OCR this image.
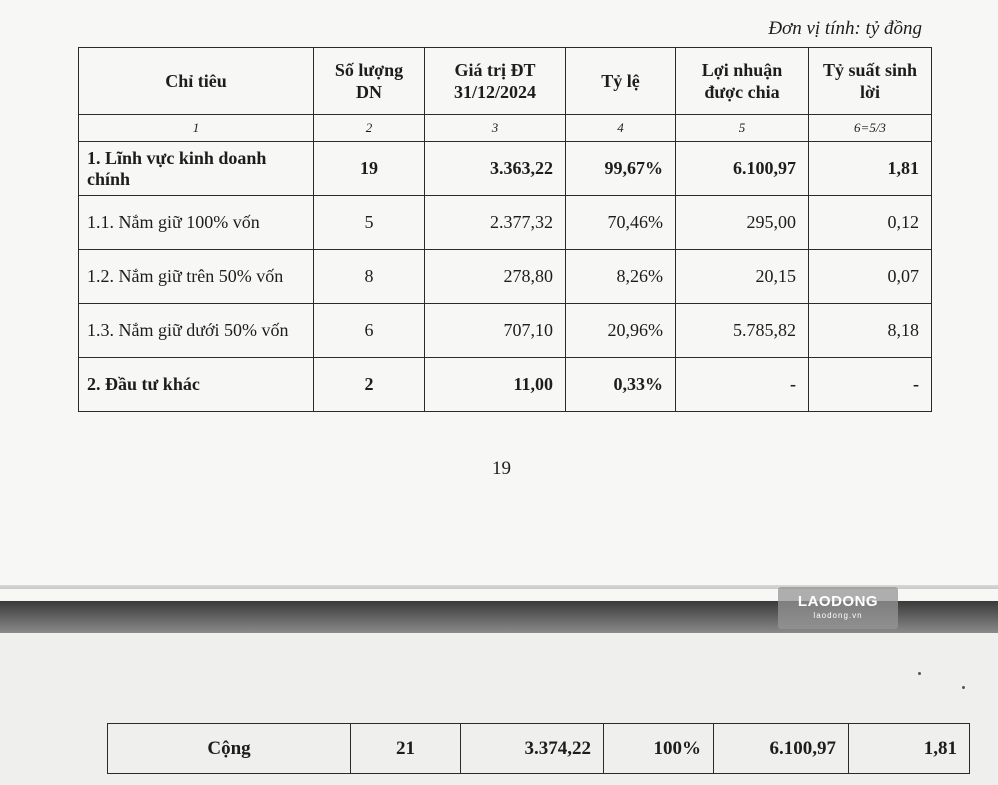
Đơn vị tính: tỷ đồng
Chỉ tiêu	Số lượng DN	Giá trị ĐT 31/12/2024	Tỷ lệ	Lợi nhuận được chia	Tỷ suất sinh lời
1	2	3	4	5	6=5/3
1. Lĩnh vực kinh doanh chính	19	3.363,22	99,67%	6.100,97	1,81
1.1. Nắm giữ 100% vốn	5	2.377,32	70,46%	295,00	0,12
1.2. Nắm giữ trên 50% vốn	8	278,80	8,26%	20,15	0,07
1.3. Nắm giữ dưới 50% vốn	6	707,10	20,96%	5.785,82	8,18
2. Đầu tư khác	2	11,00	0,33%	-	-
19
LAODONG
laodong.vn
Cộng	21	3.374,22	100%	6.100,97	1,81
